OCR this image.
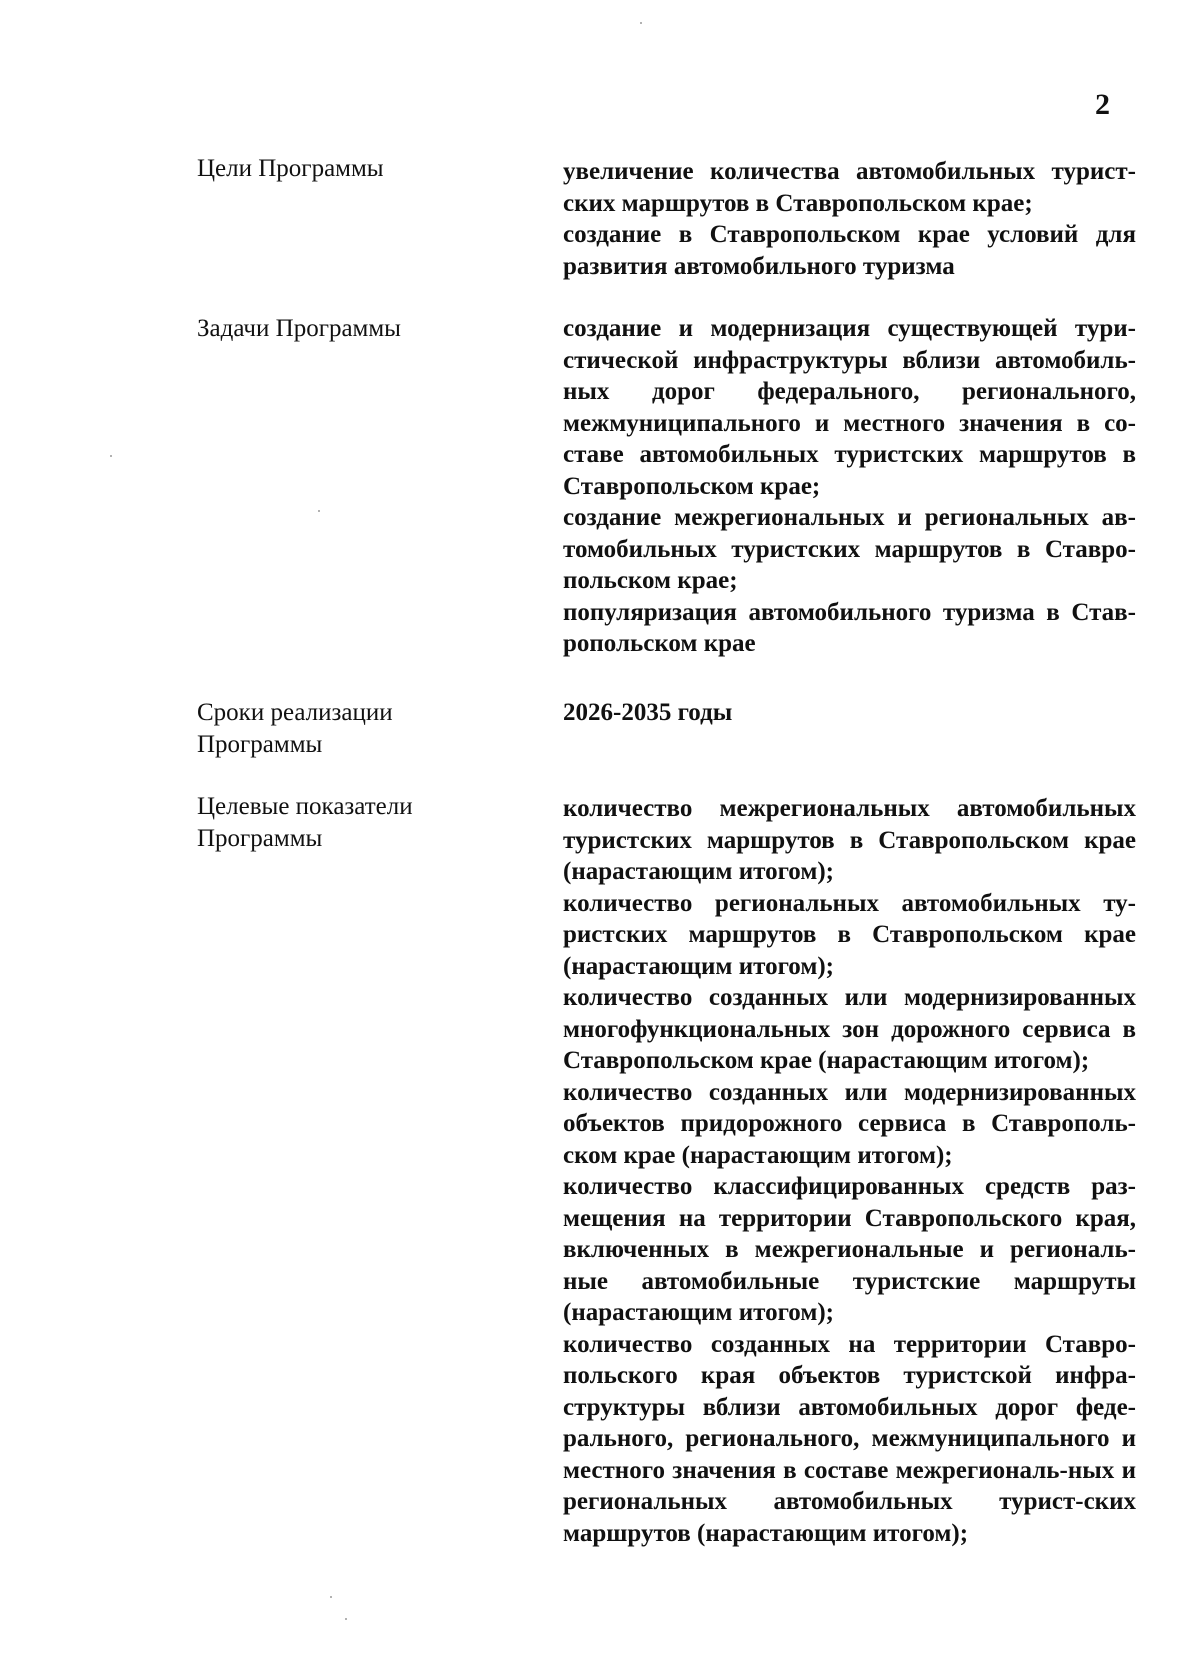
2

Цели Программы	увеличение количества автомобильных турист-ских маршрутов в Ставропольском крае;

создание в Ставропольском крае условий для развития автомобильного туризма

Задачи Программы	создание и модернизация существующей тури-стической инфраструктуры вблизи автомобиль-ных дорог федерального, регионального, межмуниципального и местного значения в со-ставе автомобильных туристских маршрутов в Ставропольском крае;

создание межрегиональных и региональных ав-томобильных туристских маршрутов в Ставро-польском крае;

популяризация автомобильного туризма в Став-ропольском крае

Сроки реализации

Программы

2026-2035 годы

Целевые показатели

Программы

количество межрегиональных автомобильных туристских маршрутов в Ставропольском крае (нарастающим итогом);

количество региональных автомобильных ту-ристских маршрутов в Ставропольском крае (нарастающим итогом);

количество созданных или модернизированных многофункциональных зон дорожного сервиса в Ставропольском крае (нарастающим итогом);

количество созданных или модернизированных объектов придорожного сервиса в Ставрополь-ском крае (нарастающим итогом);

количество классифицированных средств раз-мещения на территории Ставропольского края, включенных в межрегиональные и региональ-ные автомобильные туристские маршруты (нарастающим итогом);

количество созданных на территории Ставро-польского края объектов туристской инфра-структуры вблизи автомобильных дорог феде-рального, регионального, межмуниципального и местного значения в составе межрегиональ-ных и региональных автомобильных турист-ских маршрутов (нарастающим итогом);
